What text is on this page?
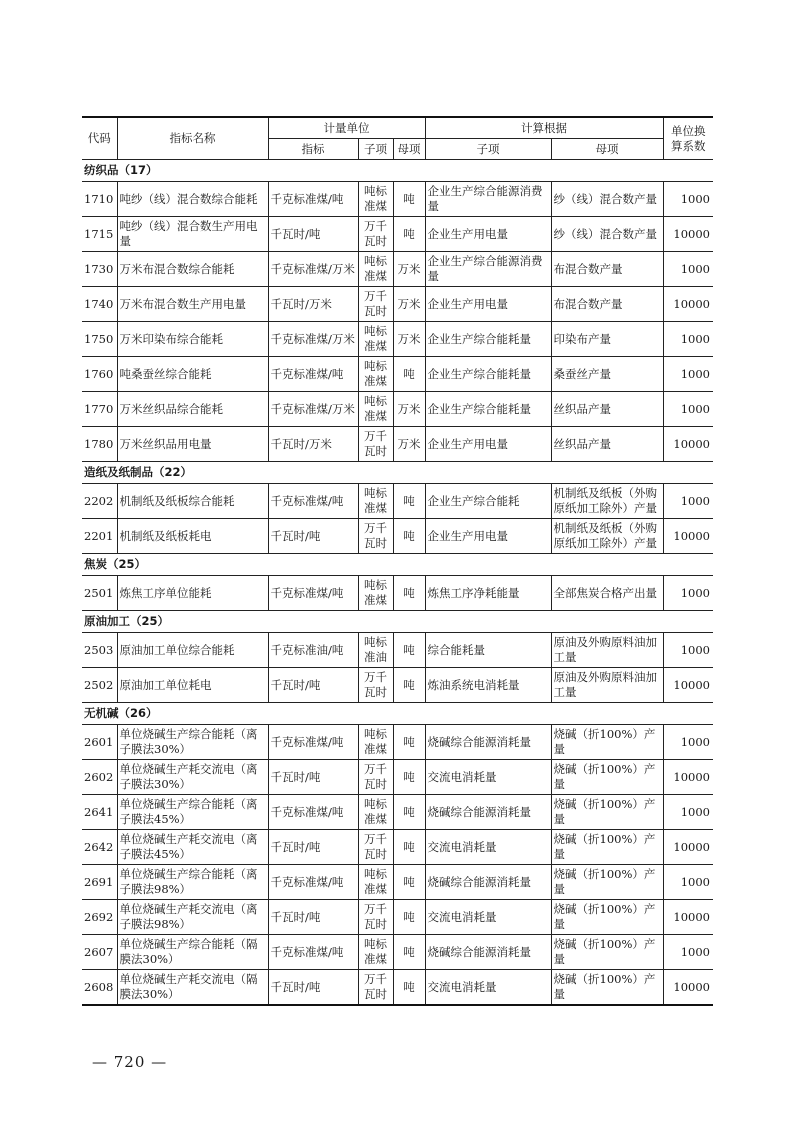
代码	指标名称	计量单位			计算根据		单位换
算系数

		指标	子项	母项	子项	母项	
纺织品（17）							
1710	吨纱（线）混合数综合能耗	千克标准煤/吨	吨标准煤	吨	企业生产综合能源消费量	纱（线）混合数产量	1000
1715	吨纱（线）混合数生产用电量	千瓦时/吨	万千瓦时	吨	企业生产用电量	纱（线）混合数产量	10000
1730	万米布混合数综合能耗	千克标准煤/万米	吨标准煤	万米	企业生产综合能源消费量	布混合数产量	1000
1740	万米布混合数生产用电量	千瓦时/万米	万千瓦时	万米	企业生产用电量	布混合数产量	10000
1750	万米印染布综合能耗	千克标准煤/万米	吨标准煤	万米	企业生产综合能耗量	印染布产量	1000
1760	吨桑蚕丝综合能耗	千克标准煤/吨	吨标准煤	吨	企业生产综合能耗量	桑蚕丝产量	1000
1770	万米丝织品综合能耗	千克标准煤/万米	吨标准煤	万米	企业生产综合能耗量	丝织品产量	1000
1780	万米丝织品用电量	千瓦时/万米	万千瓦时	万米	企业生产用电量	丝织品产量	10000
造纸及纸制品（22）							
2202	机制纸及纸板综合能耗	千克标准煤/吨	吨标准煤	吨	企业生产综合能耗	机制纸及纸板（外购原纸加工除外）产量	1000
2201	机制纸及纸板耗电	千瓦时/吨	万千瓦时	吨	企业生产用电量	机制纸及纸板（外购原纸加工除外）产量	10000
焦炭（25）							
2501	炼焦工序单位能耗	千克标准煤/吨	吨标准煤	吨	炼焦工序净耗能量	全部焦炭合格产出量	1000
原油加工（25）							
2503	原油加工单位综合能耗	千克标准油/吨	吨标准油	吨	综合能耗量	原油及外购原料油加工量	1000
2502	原油加工单位耗电	千瓦时/吨	万千瓦时	吨	炼油系统电消耗量	原油及外购原料油加工量	10000
无机碱（26）							
2601	单位烧碱生产综合能耗（离子膜法30%）	千克标准煤/吨	吨标准煤	吨	烧碱综合能源消耗量	烧碱（折100%）产量	1000
2602	单位烧碱生产耗交流电（离子膜法30%）	千瓦时/吨	万千瓦时	吨	交流电消耗量	烧碱（折100%）产量	10000
2641	单位烧碱生产综合能耗（离子膜法45%）	千克标准煤/吨	吨标准煤	吨	烧碱综合能源消耗量	烧碱（折100%）产量	1000
2642	单位烧碱生产耗交流电（离子膜法45%）	千瓦时/吨	万千瓦时	吨	交流电消耗量	烧碱（折100%）产量	10000
2691	单位烧碱生产综合能耗（离子膜法98%）	千克标准煤/吨	吨标准煤	吨	烧碱综合能源消耗量	烧碱（折100%）产量	1000
2692	单位烧碱生产耗交流电（离子膜法98%）	千瓦时/吨	万千瓦时	吨	交流电消耗量	烧碱（折100%）产量	10000
2607	单位烧碱生产综合能耗（隔膜法30%）	千克标准煤/吨	吨标准煤	吨	烧碱综合能源消耗量	烧碱（折100%）产量	1000
2608	单位烧碱生产耗交流电（隔膜法30%）	千瓦时/吨	万千瓦时	吨	交流电消耗量	烧碱（折100%）产量	10000
— 720 —
